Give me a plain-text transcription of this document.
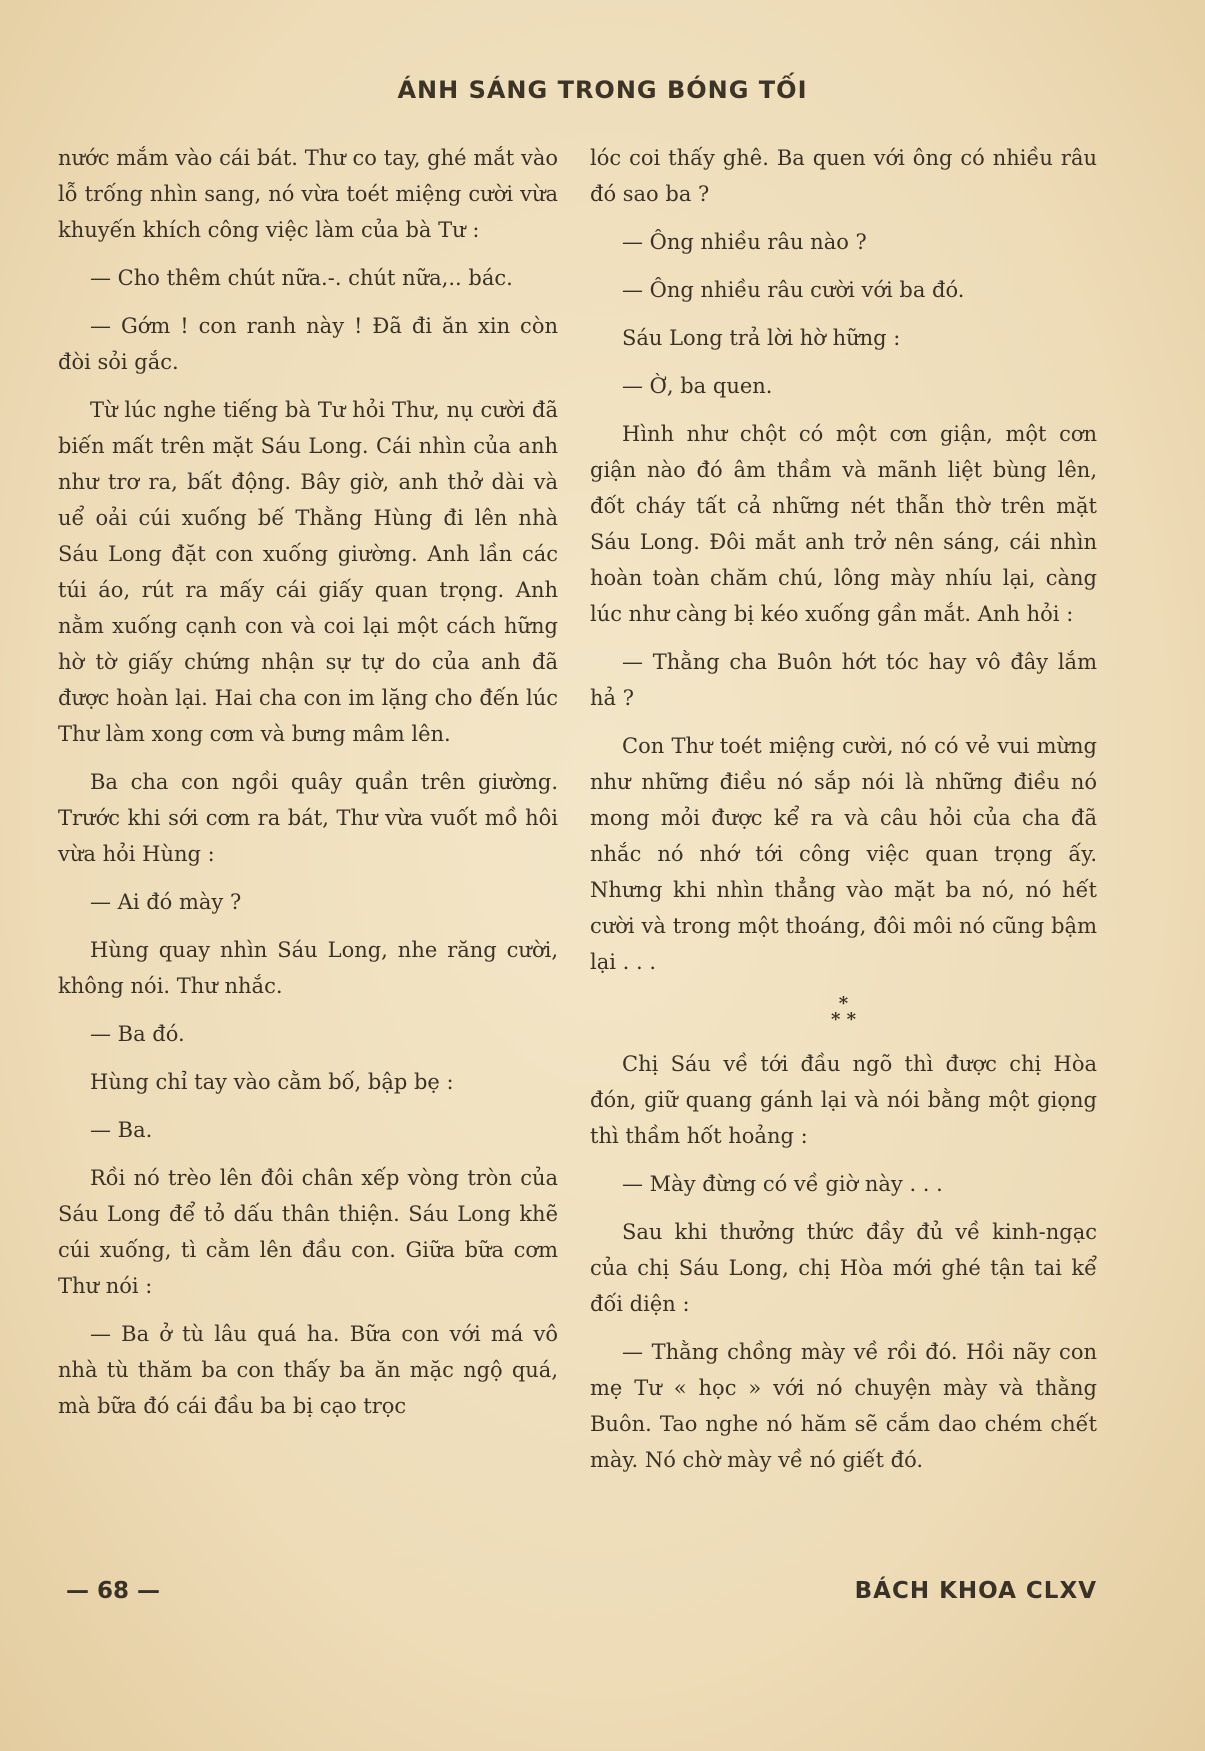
ÁNH SÁNG TRONG BÓNG TỐI

nước mắm vào cái bát. Thư co tay, ghé mắt vào lỗ trống nhìn sang, nó vừa toét miệng cười vừa khuyến khích công việc làm của bà Tư :

— Cho thêm chút nữa.-. chút nữa,.. bác.

— Gớm ! con ranh này ! Đã đi ăn xin còn đòi sỏi gắc.

Từ lúc nghe tiếng bà Tư hỏi Thư, nụ cười đã biến mất trên mặt Sáu Long. Cái nhìn của anh như trơ ra, bất động. Bây giờ, anh thở dài và uể oải cúi xuống bế Thằng Hùng đi lên nhà Sáu Long đặt con xuống giường. Anh lần các túi áo, rút ra mấy cái giấy quan trọng. Anh nằm xuống cạnh con và coi lại một cách hững hờ tờ giấy chứng nhận sự tự do của anh đã được hoàn lại. Hai cha con im lặng cho đến lúc Thư làm xong cơm và bưng mâm lên.

Ba cha con ngồi quây quần trên giường. Trước khi sới cơm ra bát, Thư vừa vuốt mồ hôi vừa hỏi Hùng :

— Ai đó mày ?

Hùng quay nhìn Sáu Long, nhe răng cười, không nói. Thư nhắc.

— Ba đó.

Hùng chỉ tay vào cằm bố, bập bẹ :

— Ba.

Rồi nó trèo lên đôi chân xếp vòng tròn của Sáu Long để tỏ dấu thân thiện. Sáu Long khẽ cúi xuống, tì cằm lên đầu con. Giữa bữa cơm Thư nói :

— Ba ở tù lâu quá ha. Bữa con với má vô nhà tù thăm ba con thấy ba ăn mặc ngộ quá, mà bữa đó cái đầu ba bị cạo trọc

lóc coi thấy ghê. Ba quen với ông có nhiều râu đó sao ba ?

— Ông nhiều râu nào ?

— Ông nhiều râu cười với ba đó.

Sáu Long trả lời hờ hững :

— Ờ, ba quen.

Hình như chột có một cơn giận, một cơn giận nào đó âm thầm và mãnh liệt bùng lên, đốt cháy tất cả những nét thẫn thờ trên mặt Sáu Long. Đôi mắt anh trở nên sáng, cái nhìn hoàn toàn chăm chú, lông mày nhíu lại, càng lúc như càng bị kéo xuống gần mắt. Anh hỏi :

— Thằng cha Buôn hớt tóc hay vô đây lắm hả ?

Con Thư toét miệng cười, nó có vẻ vui mừng như những điều nó sắp nói là những điều nó mong mỏi được kể ra và câu hỏi của cha đã nhắc nó nhớ tới công việc quan trọng ấy. Nhưng khi nhìn thẳng vào mặt ba nó, nó hết cười và trong một thoáng, đôi môi nó cũng bậm lại . . .

*
* *

Chị Sáu về tới đầu ngõ thì được chị Hòa đón, giữ quang gánh lại và nói bằng một giọng thì thầm hốt hoảng :

— Mày đừng có về giờ này . . .

Sau khi thưởng thức đầy đủ về kinh-ngạc của chị Sáu Long, chị Hòa mới ghé tận tai kể đối diện :

— Thằng chồng mày về rồi đó. Hồi nãy con mẹ Tư « học » với nó chuyện mày và thằng Buôn. Tao nghe nó hăm sẽ cắm dao chém chết mày. Nó chờ mày về nó giết đó.

— 68 —	BÁCH KHOA CLXV
